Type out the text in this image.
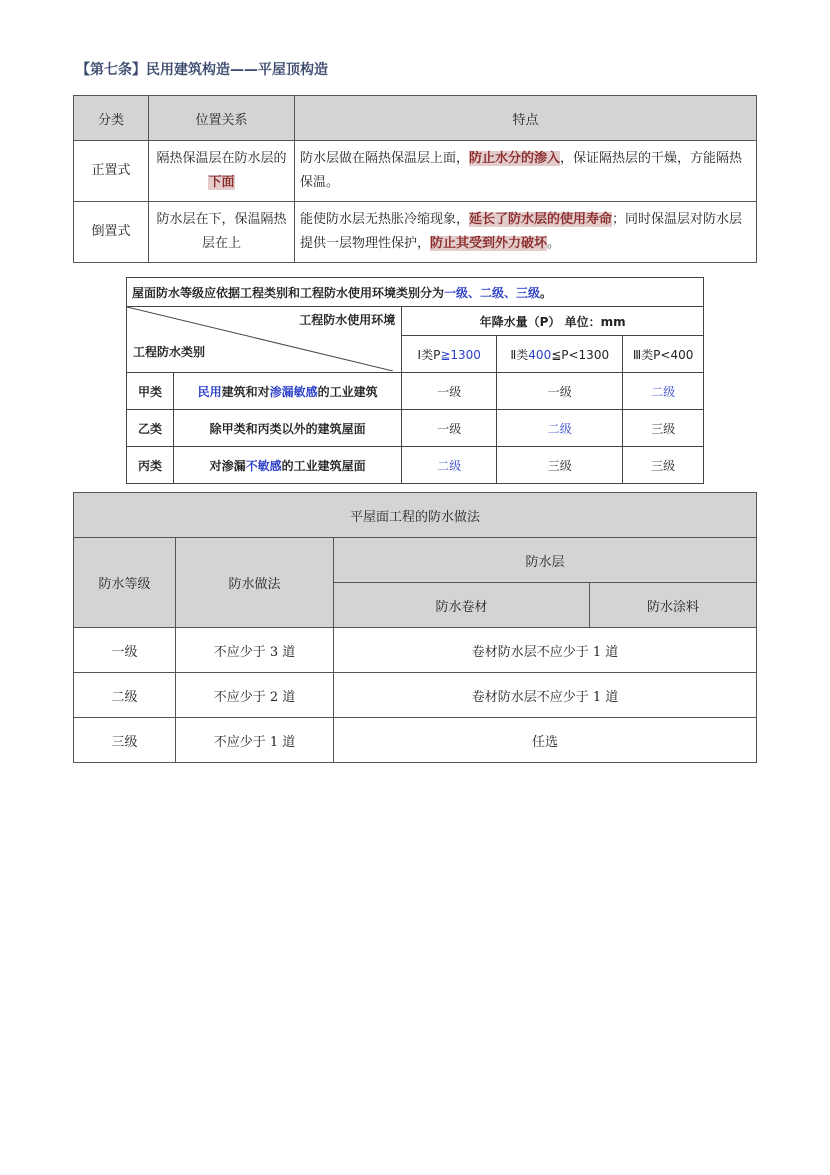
【第七条】民用建筑构造——平屋顶构造
分类	位置关系	特点
正置式	隔热保温层在防水层的下面	防水层做在隔热保温层上面，防止水分的渗入，保证隔热层的干燥，方能隔热保温。
倒置式	防水层在下，保温隔热层在上	能使防水层无热胀冷缩现象，延长了防水层的使用寿命；同时保温层对防水层提供一层物理性保护，防止其受到外力破坏。
屋面防水等级应依据工程类别和工程防水使用环境类别分为一级、二级、三级。				

工程防水使用环境
工程防水类别		年降水量（P） 单位：mm		
		Ⅰ类P≧1300	Ⅱ类400≦P<1300	Ⅲ类P<400
甲类	民用建筑和对渗漏敏感的工业建筑	一级	一级	二级
乙类	除甲类和丙类以外的建筑屋面	一级	二级	三级
丙类	对渗漏不敏感的工业建筑屋面	二级	三级	三级
平屋面工程的防水做法			
防水等级	防水做法	防水层	
		防水卷材	防水涂料
一级	不应少于 3 道	卷材防水层不应少于 1 道	
二级	不应少于 2 道	卷材防水层不应少于 1 道	
三级	不应少于 1 道	任选	
